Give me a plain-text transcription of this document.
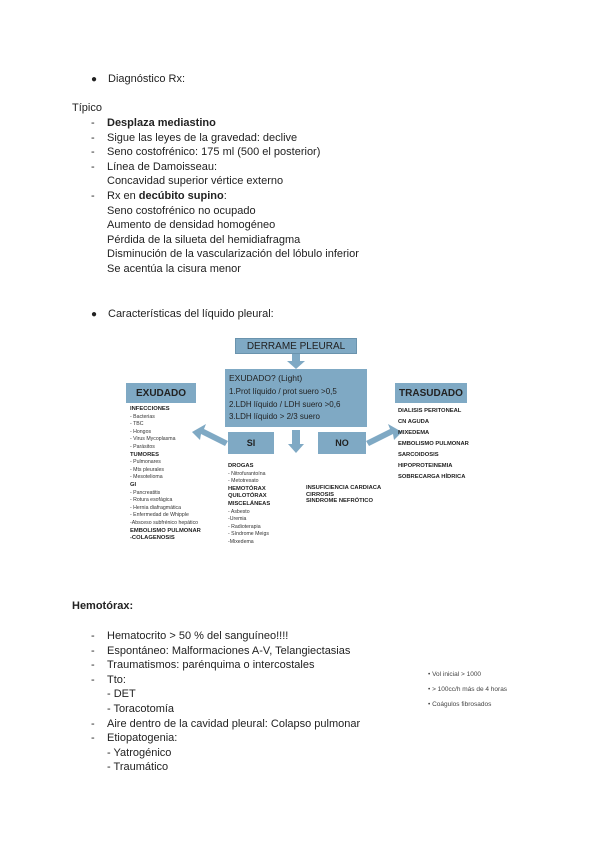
● Diagnóstico Rx:
Típico
- Desplaza mediastino
- Sigue las leyes de la gravedad: declive
- Seno costofrénico: 175 ml (500 el posterior)
- Línea de Damoisseau:
Concavidad superior vértice externo
- Rx en decúbito supino:
Seno costofrénico no ocupado
Aumento de densidad homogéneo
Pérdida de la silueta del hemidiafragma
Disminución de la vascularización del lóbulo inferior
Se acentúa la cisura menor
● Características del líquido pleural:
DERRAME PLEURAL
EXUDADO? (Light)
1.Prot líquido / prot suero >0,5
2.LDH líquido / LDH suero >0,6
3.LDH líquido > 2/3 suero
SI	NO
EXUDADO	TRASUDADO
INFECCIONES
- Bacterias
- TBC
- Hongos
- Virus Mycoplasma
- Parásitos
TUMORES
- Pulmonares
- Mts pleurales
- Mesotelioma
GI
- Pancreatitis
- Rotura esofágica
- Hernia diafragmática
- Enfermedad de Whipple
-Absceso subfrénico hepático
EMBOLISMO PULMONAR
-COLAGENOSIS
DROGAS
- Nitrofurantoína
- Metotrexato
HEMOTÓRAX
QUILOTÓRAX
MISCELÁNEAS
- Asbesto
-Uremia
- Radioterapia
- Síndrome Meigs
-Mixedema
INSUFICIENCIA CARDIACA
CIRROSIS
SINDROME NEFRÓTICO
DIALISIS PERITONEAL
CN AGUDA
MIXEDEMA
EMBOLISMO PULMONAR
SARCOIDOSIS
HIPOPROTEINEMIA
SOBRECARGA HÍDRICA
Hemotórax:
- Hematocrito > 50 % del sanguíneo!!!!
- Espontáneo: Malformaciones A-V, Telangiectasias
- Traumatismos: parénquima o intercostales
- Tto:
- DET
- Toracotomía
- Aire dentro de la cavidad pleural: Colapso pulmonar
- Etiopatogenia:
- Yatrogénico
- Traumático
• Vol inicial > 1000
• > 100cc/h más de 4 horas
• Coágulos fibrosados
